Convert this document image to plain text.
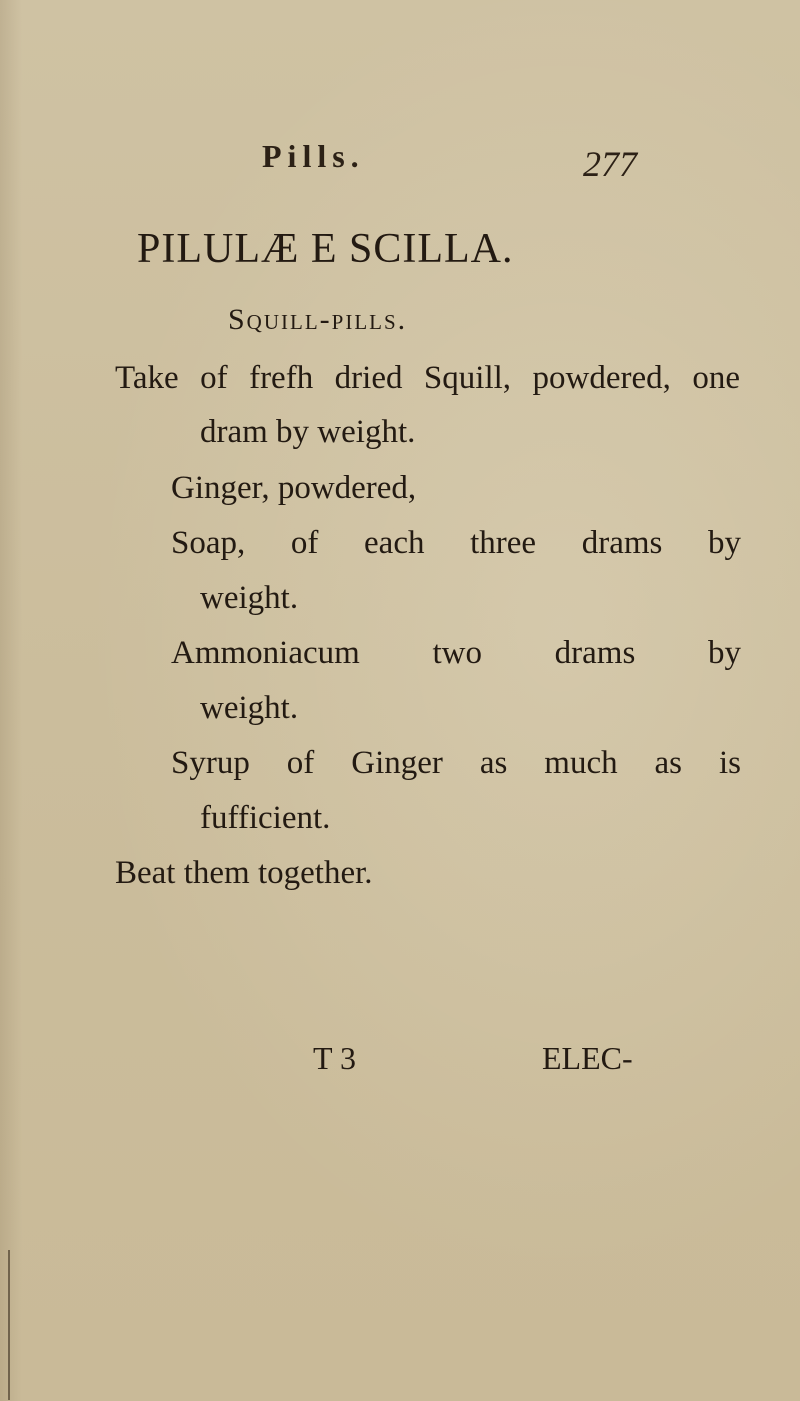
Pills.	277
PILULÆ E SCILLA.
Squill-pills.
Take of frefh dried Squill, powdered, one
dram by weight.
Ginger, powdered,
Soap, of each three drams by
weight.
Ammoniacum two drams by
weight.
Syrup of Ginger as much as is
fufficient.
Beat them together.
T 3	ELEC-
